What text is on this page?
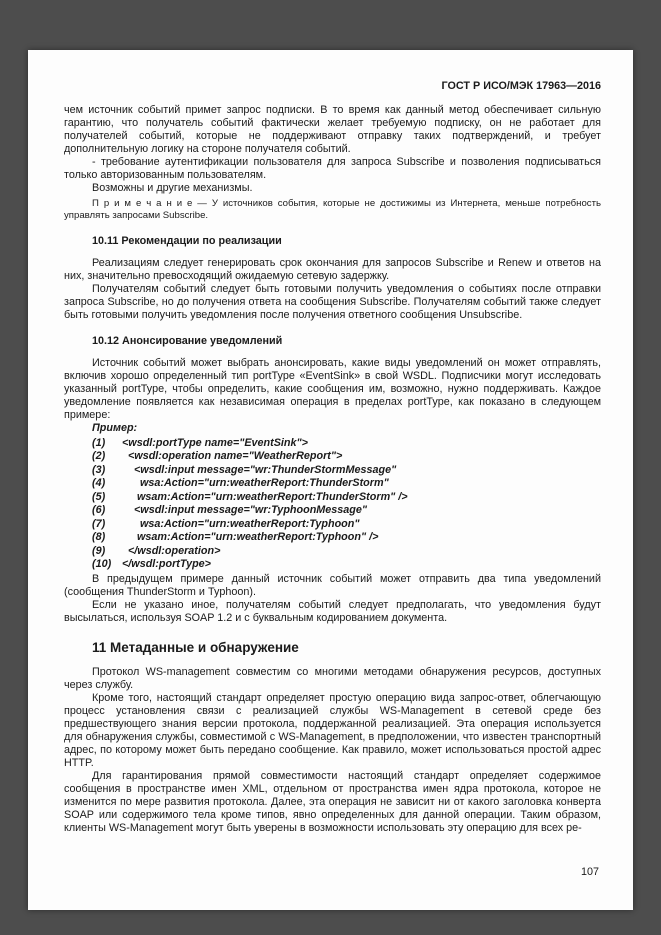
ГОСТ Р ИСО/МЭК 17963—2016

чем источник событий примет запрос подписки. В то время как данный метод обеспечивает сильную гарантию, что получатель событий фактически желает требуемую подписку, он не работает для получателей событий, которые не поддерживают отправку таких подтверждений, и требует дополнительную логику на стороне получателя событий.

- требование аутентификации пользователя для запроса Subscribe и позволения подписываться только авторизованным пользователям.

Возможны и другие механизмы.

П р и м е ч а н и е — У источников события, которые не достижимы из Интернета, меньше потребность управлять запросами Subscribe.

10.11 Рекомендации по реализации

Реализациям следует генерировать срок окончания для запросов Subscribe и Renew и ответов на них, значительно превосходящий ожидаемую сетевую задержку.

Получателям событий следует быть готовыми получить уведомления о событиях после отправки запроса Subscribe, но до получения ответа на сообщения Subscribe. Получателям событий также следует быть готовыми получить уведомления после получения ответного сообщения Unsubscribe.

10.12 Анонсирование уведомлений

Источник событий может выбрать анонсировать, какие виды уведомлений он может отправлять, включив хорошо определенный тип portType «EventSink» в свой WSDL. Подписчики могут исследовать указанный portType, чтобы определить, какие сообщения им, возможно, нужно поддерживать. Каждое уведомление появляется как независимая операция в пределах portType, как показано в следующем примере:

Пример:

(1)	<wsdl:portType name="EventSink">
(2)	<wsdl:operation name="WeatherReport">
(3)	<wsdl:input message="wr:ThunderStormMessage"
(4)	wsa:Action="urn:weatherReport:ThunderStorm"
(5)	wsam:Action="urn:weatherReport:ThunderStorm" />
(6)	<wsdl:input message="wr:TyphoonMessage"
(7)	wsa:Action="urn:weatherReport:Typhoon"
(8)	wsam:Action="urn:weatherReport:Typhoon" />
(9)	</wsdl:operation>
(10) </wsdl:portType>

В предыдущем примере данный источник событий может отправить два типа уведомлений (сообщения ThunderStorm и Typhoon).

Если не указано иное, получателям событий следует предполагать, что уведомления будут высылаться, используя SOAP 1.2 и с буквальным кодированием документа.

11 Метаданные и обнаружение

Протокол WS-management совместим со многими методами обнаружения ресурсов, доступных через службу.

Кроме того, настоящий стандарт определяет простую операцию вида запрос-ответ, облегчающую процесс установления связи с реализацией службы WS-Management в сетевой среде без предшествующего знания версии протокола, поддержанной реализацией. Эта операция используется для обнаружения службы, совместимой с WS-Management, в предположении, что известен транспортный адрес, по которому может быть передано сообщение. Как правило, может использоваться простой адрес HTTP.

Для гарантирования прямой совместимости настоящий стандарт определяет содержимое сообщения в пространстве имен XML, отдельном от пространства имен ядра протокола, которое не изменится по мере развития протокола. Далее, эта операция не зависит ни от какого заголовка конверта SOAP или содержимого тела кроме типов, явно определенных для данной операции. Таким образом, клиенты WS-Management могут быть уверены в возможности использовать эту операцию для всех ре-

107
